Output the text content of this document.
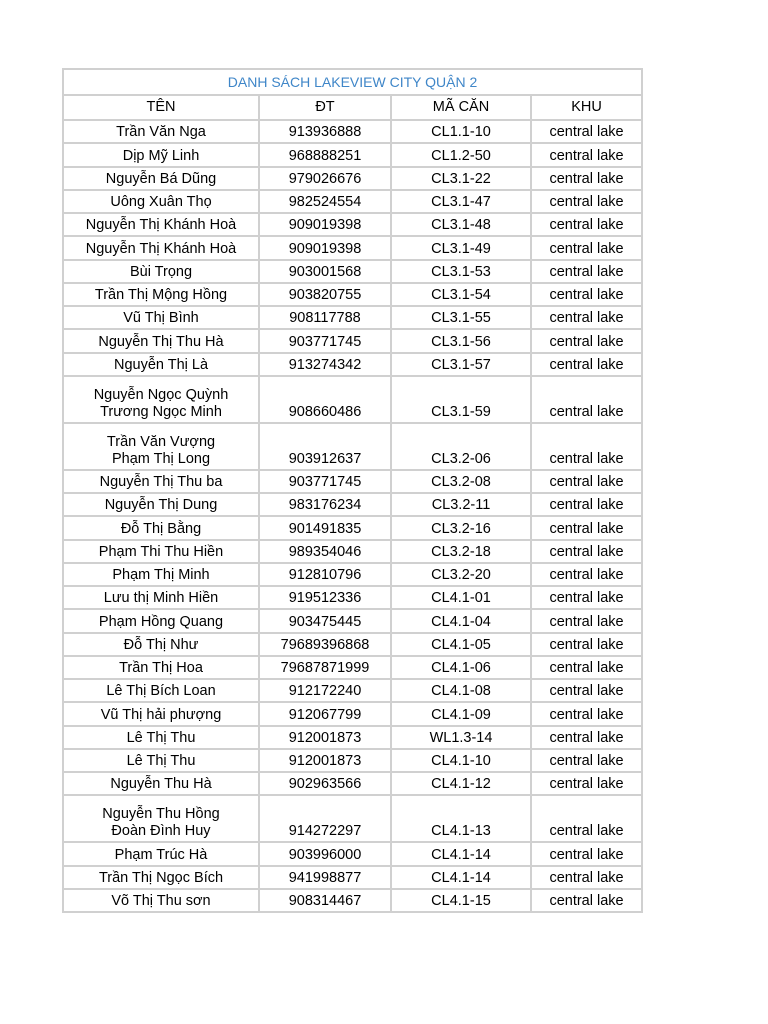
DANH SÁCH LAKEVIEW CITY QUẬN 2			
TÊN	ĐT	MÃ CĂN	KHU

Trần Văn Nga	913936888	CL1.1-10	central lake

Dịp Mỹ Linh	968888251	CL1.2-50	central lake

Nguyễn Bá Dũng	979026676	CL3.1-22	central lake

Uông Xuân Thọ	982524554	CL3.1-47	central lake

Nguyễn Thị Khánh Hoà	909019398	CL3.1-48	central lake

Nguyễn Thị Khánh Hoà	909019398	CL3.1-49	central lake

Bùi Trọng	903001568	CL3.1-53	central lake

Trần Thị Mộng Hồng	903820755	CL3.1-54	central lake

Vũ Thị Bình	908117788	CL3.1-55	central lake

Nguyễn Thị Thu Hà	903771745	CL3.1-56	central lake

Nguyễn Thị Là	913274342	CL3.1-57	central lake

Nguyễn Ngọc Quỳnh
Trương Ngọc Minh	908660486	CL3.1-59	central lake

Trần Văn Vượng
Phạm Thị Long	903912637	CL3.2-06	central lake

Nguyễn Thị Thu ba	903771745	CL3.2-08	central lake

Nguyễn Thị Dung	983176234	CL3.2-11	central lake

Đỗ Thị Bằng	901491835	CL3.2-16	central lake

Phạm Thi Thu Hiền	989354046	CL3.2-18	central lake

Phạm Thị Minh	912810796	CL3.2-20	central lake

Lưu thị Minh Hiền	919512336	CL4.1-01	central lake

Phạm Hồng Quang	903475445	CL4.1-04	central lake

Đỗ Thị Như	79689396868	CL4.1-05	central lake

Trần Thị Hoa	79687871999	CL4.1-06	central lake

Lê Thị Bích Loan	912172240	CL4.1-08	central lake

Vũ Thị hải phượng	912067799	CL4.1-09	central lake

Lê Thị Thu	912001873	WL1.3-14	central lake

Lê Thị Thu	912001873	CL4.1-10	central lake

Nguyễn Thu Hà	902963566	CL4.1-12	central lake

Nguyễn Thu Hồng
Đoàn Đình Huy	914272297	CL4.1-13	central lake

Phạm Trúc Hà	903996000	CL4.1-14	central lake

Trần Thị Ngọc Bích	941998877	CL4.1-14	central lake

Võ Thị Thu sơn	908314467	CL4.1-15	central lake
